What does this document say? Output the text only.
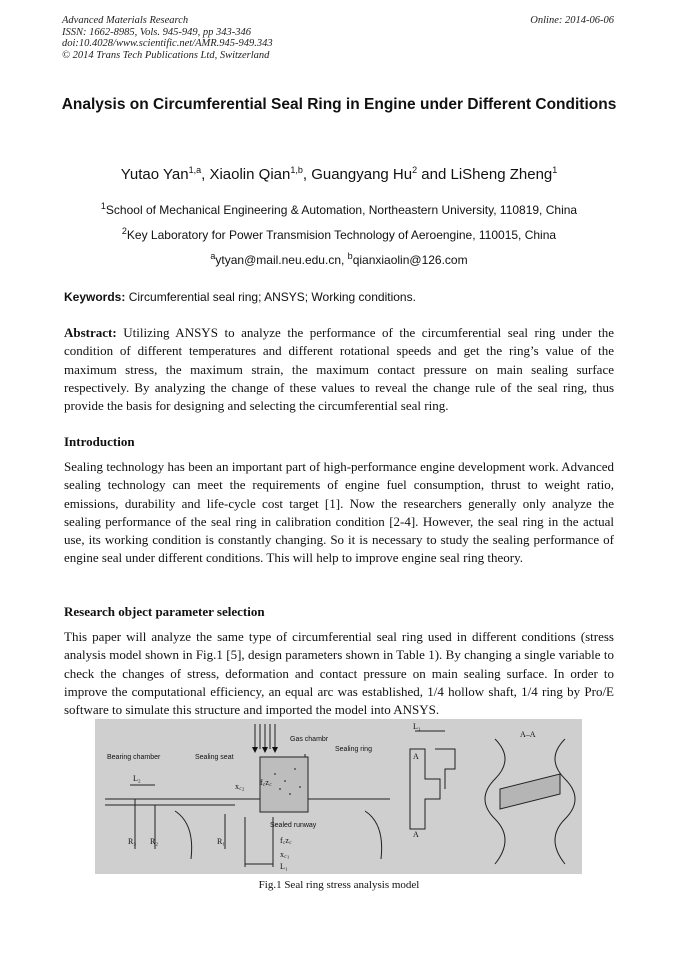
Advanced Materials Research
ISSN: 1662-8985, Vols. 945-949, pp 343-346
doi:10.4028/www.scientific.net/AMR.945-949.343
© 2014 Trans Tech Publications Ltd, Switzerland
Online: 2014-06-06
Analysis on Circumferential Seal Ring in Engine under Different Conditions
Yutao Yan$^{1,a}$, Xiaolin Qian$^{1,b}$, Guangyang Hu$^2$ and LiSheng Zheng$^1$
$^1$School of Mechanical Engineering & Automation, Northeastern University, 110819, China
$^2$Key Laboratory for Power Transmision Technology of Aeroengine, 110015, China
$^a$ytyan@mail.neu.edu.cn, $^b$qianxiaolin@126.com
Keywords: Circumferential seal ring; ANSYS; Working conditions.
Abstract: Utilizing ANSYS to analyze the performance of the circumferential seal ring under the condition of different temperatures and different rotational speeds and get the ring’s value of the maximum stress, the maximum strain, the maximum contact pressure on main sealing surface respectively. By analyzing the change of these values to reveal the change rule of the seal ring, thus provide the basis for designing and selecting the circumferential seal ring.
Introduction
Sealing technology has been an important part of high-performance engine development work. Advanced sealing technology can meet the requirements of engine fuel consumption, thrust to weight ratio, emissions, durability and life-cycle cost target [1]. Now the researchers generally only analyze the sealing performance of the seal ring in calibration condition [2-4]. However, the seal ring in the actual use, its working condition is constantly changing. So it is necessary to study the sealing performance of engine seal under different conditions. This will help to improve engine seal ring theory.
Research object parameter selection
This paper will analyze the same type of circumferential seal ring used in different conditions (stress analysis model shown in Fig.1 [5], design parameters shown in Table 1). By changing a single variable to check the changes of stress, deformation and contact pressure on main sealing surface. In order to improve the computational efficiency, an equal arc was established, 1/4 hollow shaft, 1/4 ring by Pro/E software to simulate this structure and imported the model into ANSYS.
Bearing chamber	Sealing seat
Gas chambr
Sealing ring
Sealed runway
L₂
L₁
L₁
x꜀₂
x꜀₁
f꜀z꜀
f꜀z꜀
R₃ R₂	R₁
A
A
A–A
Fig.1 Seal ring stress analysis model
